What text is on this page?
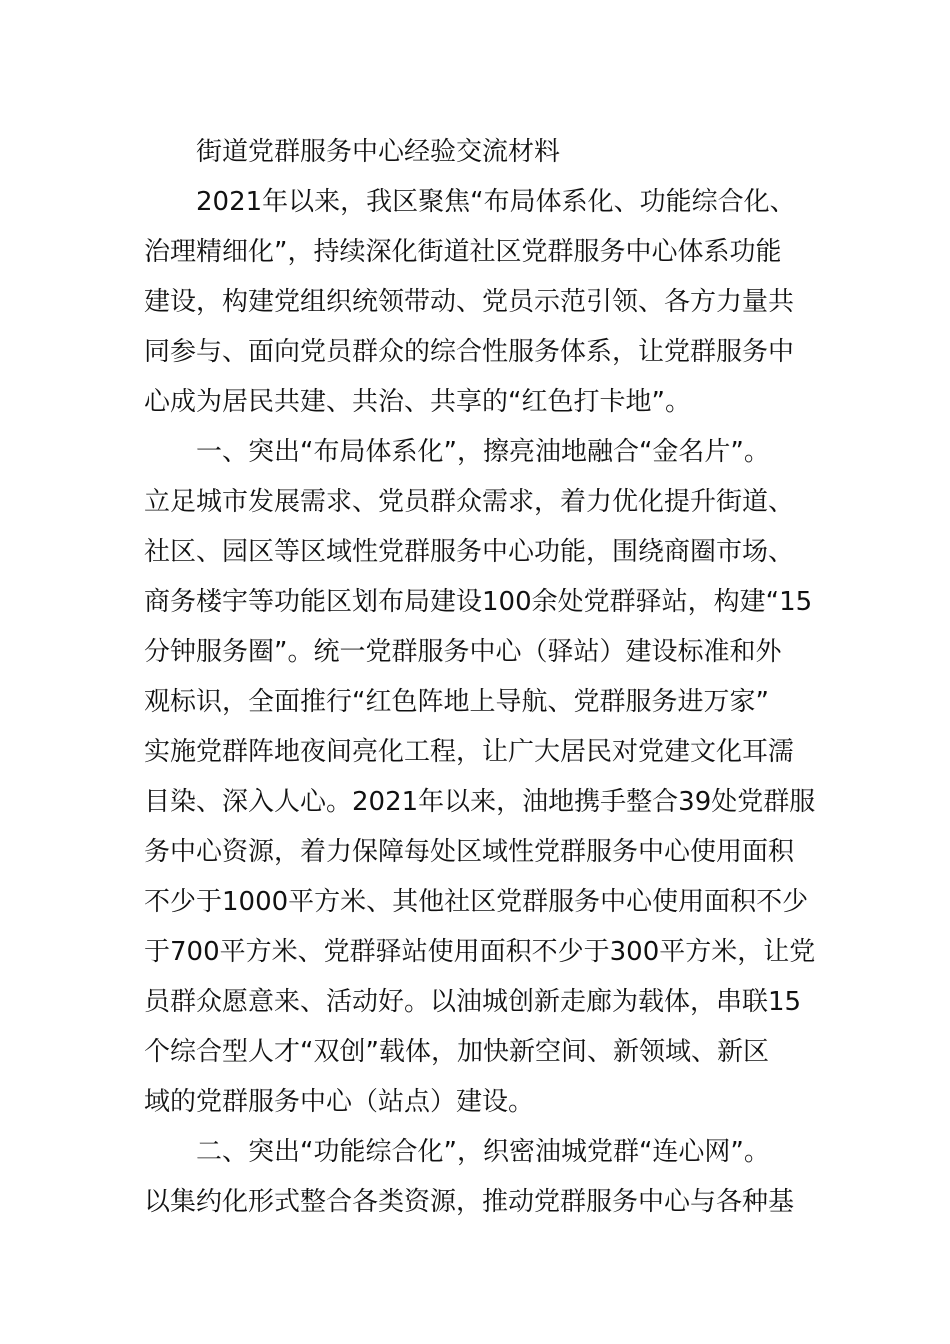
街道党群服务中心经验交流材料
2021年以来，我区聚焦“布局体系化、功能综合化、
治理精细化”，持续深化街道社区党群服务中心体系功能
建设，构建党组织统领带动、党员示范引领、各方力量共
同参与、面向党员群众的综合性服务体系，让党群服务中
心成为居民共建、共治、共享的“红色打卡地”。
一、突出“布局体系化”，擦亮油地融合“金名片”。
立足城市发展需求、党员群众需求，着力优化提升街道、
社区、园区等区域性党群服务中心功能，围绕商圈市场、
商务楼宇等功能区划布局建设100余处党群驿站，构建“15
分钟服务圈”。统一党群服务中心（驿站）建设标准和外
观标识，全面推行“红色阵地上导航、党群服务进万家”
实施党群阵地夜间亮化工程，让广大居民对党建文化耳濡
目染、深入人心。2021年以来，油地携手整合39处党群服
务中心资源，着力保障每处区域性党群服务中心使用面积
不少于1000平方米、其他社区党群服务中心使用面积不少
于700平方米、党群驿站使用面积不少于300平方米，让党
员群众愿意来、活动好。以油城创新走廊为载体，串联15
个综合型人才“双创”载体，加快新空间、新领域、新区
域的党群服务中心（站点）建设。
二、突出“功能综合化”，织密油城党群“连心网”。
以集约化形式整合各类资源，推动党群服务中心与各种基
